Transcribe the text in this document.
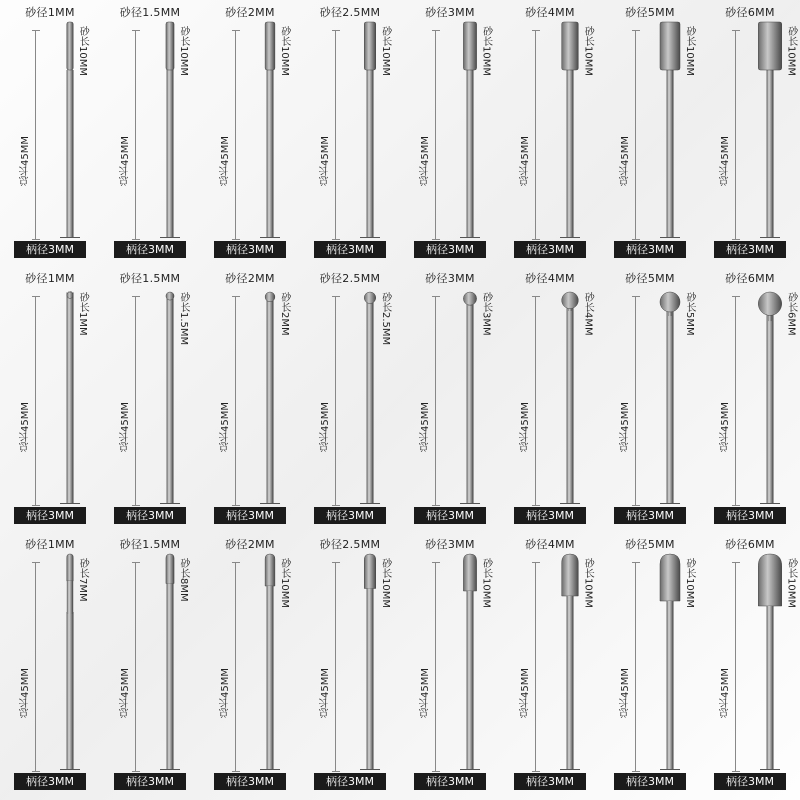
砂径1MM
总长45MM
砂长10MM
柄径3MM
砂径1.5MM
总长45MM
砂长10MM
柄径3MM
砂径2MM
总长45MM
砂长10MM
柄径3MM
砂径2.5MM
总长45MM
砂长10MM
柄径3MM
砂径3MM
总长45MM
砂长10MM
柄径3MM
砂径4MM
总长45MM
砂长10MM
柄径3MM
砂径5MM
总长45MM
砂长10MM
柄径3MM
砂径6MM
总长45MM
砂长10MM
柄径3MM
砂径1MM
总长45MM
砂长1MM
柄径3MM
砂径1.5MM
总长45MM
砂长1.5MM
柄径3MM
砂径2MM
总长45MM
砂长2MM
柄径3MM
砂径2.5MM
总长45MM
砂长2.5MM
柄径3MM
砂径3MM
总长45MM
砂长3MM
柄径3MM
砂径4MM
总长45MM
砂长4MM
柄径3MM
砂径5MM
总长45MM
砂长5MM
柄径3MM
砂径6MM
总长45MM
砂长6MM
柄径3MM
砂径1MM
总长45MM
砂长7MM
柄径3MM
砂径1.5MM
总长45MM
砂长8MM
柄径3MM
砂径2MM
总长45MM
砂长10MM
柄径3MM
砂径2.5MM
总长45MM
砂长10MM
柄径3MM
砂径3MM
总长45MM
砂长10MM
柄径3MM
砂径4MM
总长45MM
砂长10MM
柄径3MM
砂径5MM
总长45MM
砂长10MM
柄径3MM
砂径6MM
总长45MM
砂长10MM
柄径3MM
